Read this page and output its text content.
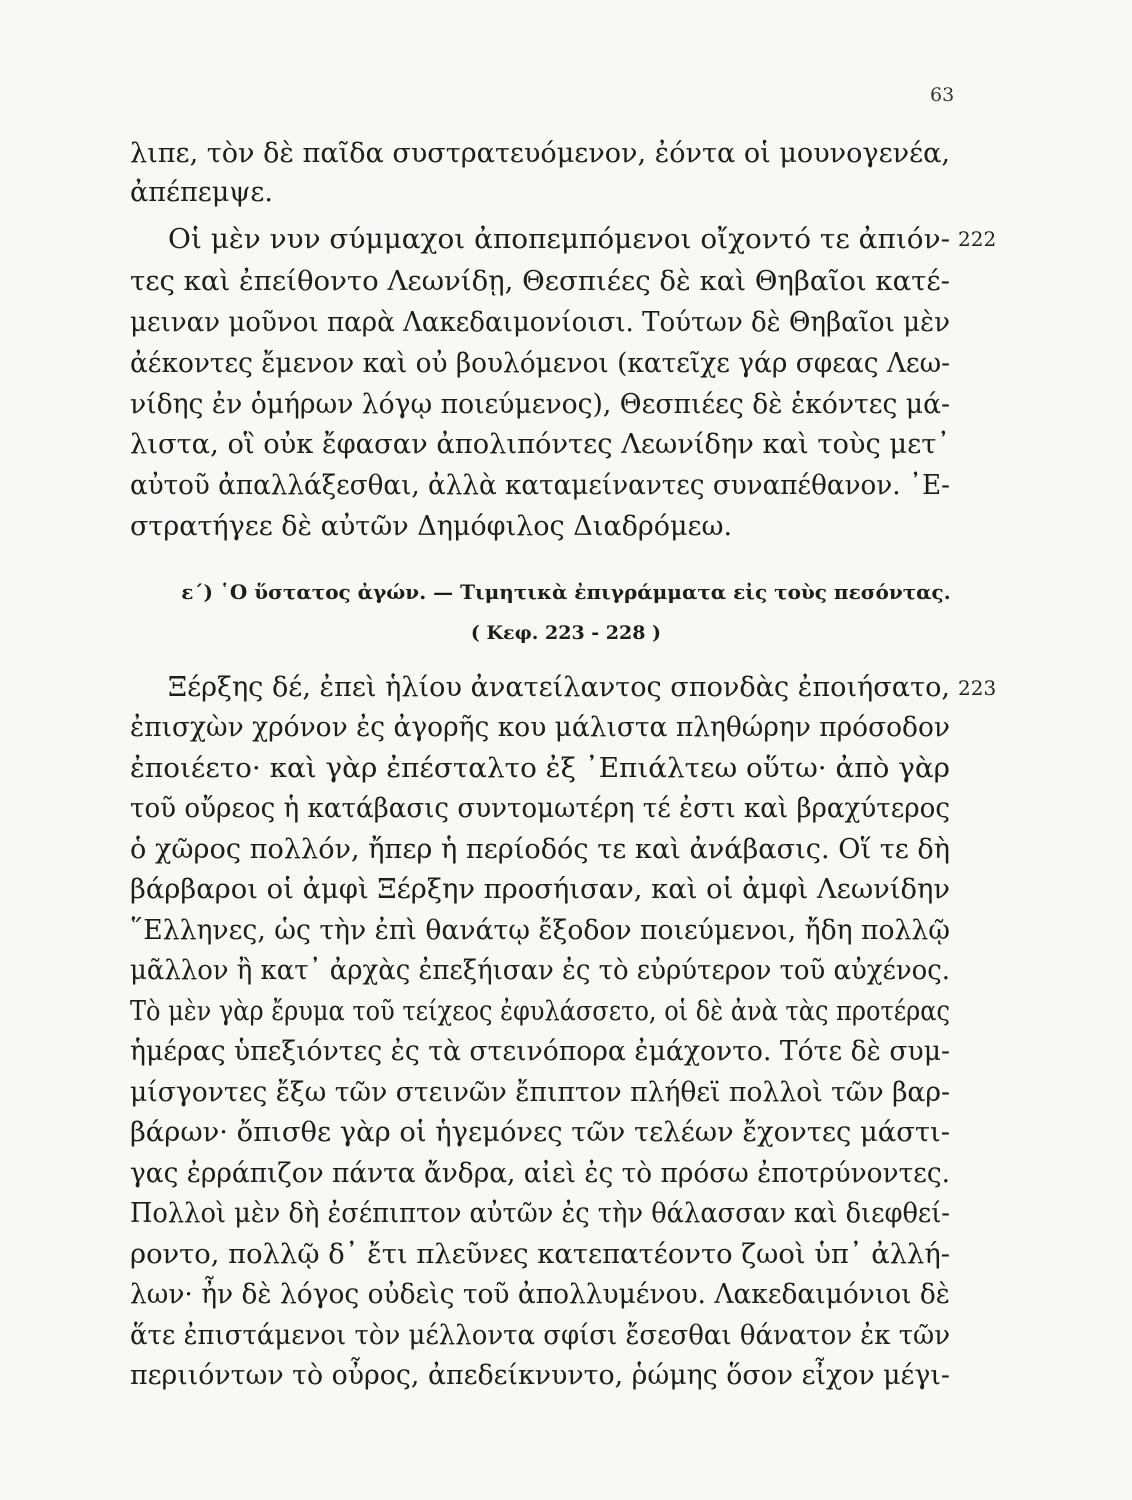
63
λιπε, τὸν δὲ παῖδα συστρατευόμενον, ἐόντα οἱ μουνογενέα,
ἀπέπεμψε.
Οἱ μὲν νυν σύμμαχοι ἀποπεμπόμενοι οἴχοντό τε ἀπιόν- 222
τες καὶ ἐπείθοντο Λεωνίδῃ, Θεσπιέες δὲ καὶ Θηβαῖοι κατέ-
μειναν μοῦνοι παρὰ Λακεδαιμονίοισι. Τούτων δὲ Θηβαῖοι μὲν
ἀέκοντες ἔμενον καὶ οὐ βουλόμενοι (κατεῖχε γάρ σφεας Λεω-
νίδης ἐν ὁμήρων λόγῳ ποιεύμενος), Θεσπιέες δὲ ἑκόντες μά-
λιστα, οἳ οὐκ ἔφασαν ἀπολιπόντες Λεωνίδην καὶ τοὺς μετ᾽
αὐτοῦ ἀπαλλάξεσθαι, ἀλλὰ καταμείναντες συναπέθανον. ᾽Ε-
στρατήγεε δὲ αὐτῶν Δημόφιλος Διαδρόμεω.
ε´) ῾Ο ὕστατος ἀγών. — Τιμητικὰ ἐπιγράμματα εἰς τοὺς πεσόντας.
( Κεφ. 223 - 228 )
Ξέρξης δέ, ἐπεὶ ἡλίου ἀνατείλαντος σπονδὰς ἐποιήσατο, 223
ἐπισχὼν χρόνον ἐς ἀγορῆς κου μάλιστα πληθώρην πρόσοδον
ἐποιέετο· καὶ γὰρ ἐπέσταλτο ἐξ ᾽Επιάλτεω οὕτω· ἀπὸ γὰρ
τοῦ οὔρεος ἡ κατάβασις συντομωτέρη τέ ἐστι καὶ βραχύτερος
ὁ χῶρος πολλόν, ἤπερ ἡ περίοδός τε καὶ ἀνάβασις. Οἵ τε δὴ
βάρβαροι οἱ ἀμφὶ Ξέρξην προσήισαν, καὶ οἱ ἀμφὶ Λεωνίδην
῞Ελληνες, ὡς τὴν ἐπὶ θανάτῳ ἔξοδον ποιεύμενοι, ἤδη πολλῷ
μᾶλλον ἢ κατ᾽ ἀρχὰς ἐπεξήισαν ἐς τὸ εὐρύτερον τοῦ αὐχένος.
Τὸ μὲν γὰρ ἔρυμα τοῦ τείχεος ἐφυλάσσετο, οἱ δὲ ἀνὰ τὰς προτέρας
ἡμέρας ὑπεξιόντες ἐς τὰ στεινόπορα ἐμάχοντο. Τότε δὲ συμ-
μίσγοντες ἔξω τῶν στεινῶν ἔπιπτον πλήθεϊ πολλοὶ τῶν βαρ-
βάρων· ὄπισθε γὰρ οἱ ἡγεμόνες τῶν τελέων ἔχοντες μάστι-
γας ἐρράπιζον πάντα ἄνδρα, αἰεὶ ἐς τὸ πρόσω ἐποτρύνοντες.
Πολλοὶ μὲν δὴ ἐσέπιπτον αὐτῶν ἐς τὴν θάλασσαν καὶ διεφθεί-
ροντο, πολλῷ δ᾽ ἔτι πλεῦνες κατεπατέοντο ζωοὶ ὑπ᾽ ἀλλή-
λων· ἦν δὲ λόγος οὐδεὶς τοῦ ἀπολλυμένου. Λακεδαιμόνιοι δὲ
ἅτε ἐπιστάμενοι τὸν μέλλοντα σφίσι ἔσεσθαι θάνατον ἐκ τῶν
περιιόντων τὸ οὖρος, ἀπεδείκνυντο, ῥώμης ὅσον εἶχον μέγι-
